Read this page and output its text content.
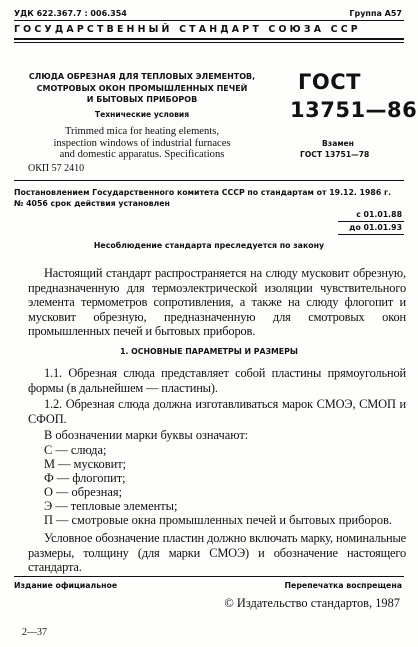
УДК 622.367.7 : 006.354	Группа А57
ГОСУДАРСТВЕННЫЙ СТАНДАРТ СОЮЗА ССР
СЛЮДА ОБРЕЗНАЯ ДЛЯ ТЕПЛОВЫХ ЭЛЕМЕНТОВ,
СМОТРОВЫХ ОКОН ПРОМЫШЛЕННЫХ ПЕЧЕЙ
И БЫТОВЫХ ПРИБОРОВ
Технические условия
Trimmed mica for heating elements,
inspection windows of industrial furnaces
and domestic apparatus. Specifications
ОКП 57 2410
ГОСТ
13751—86
Взамен
ГОСТ 13751—78
Постановлением Государственного комитета СССР по стандартам от 19.12. 1986 г.
№ 4056 срок действия установлен
с 01.01.88
до 01.01.93
Несоблюдение стандарта преследуется по закону
Настоящий стандарт распространяется на слюду мусковит обрезную, предназначенную для термоэлектрической изоляции чувствительного элемента термометров сопротивления, а также на слюду флогопит и мусковит обрезную, предназначенную для смотровых окон промышленных печей и бытовых приборов.
1. ОСНОВНЫЕ ПАРАМЕТРЫ И РАЗМЕРЫ
1.1. Обрезная слюда представляет собой пластины прямоугольной формы (в дальнейшем — пластины).
1.2. Обрезная слюда должна изготавливаться марок СМОЭ, СМОП и СФОП.
В обозначении марки буквы означают:
С — слюда;
М — мусковит;
Ф — флогопит;
О — обрезная;
Э — тепловые элементы;
П — смотровые окна промышленных печей и бытовых приборов.
Условное обозначение пластин должно включать марку, номинальные размеры, толщину (для марки СМОЭ) и обозначение настоящего стандарта.
Издание официальное	Перепечатка воспрещена
© Издательство стандартов, 1987
2—37
